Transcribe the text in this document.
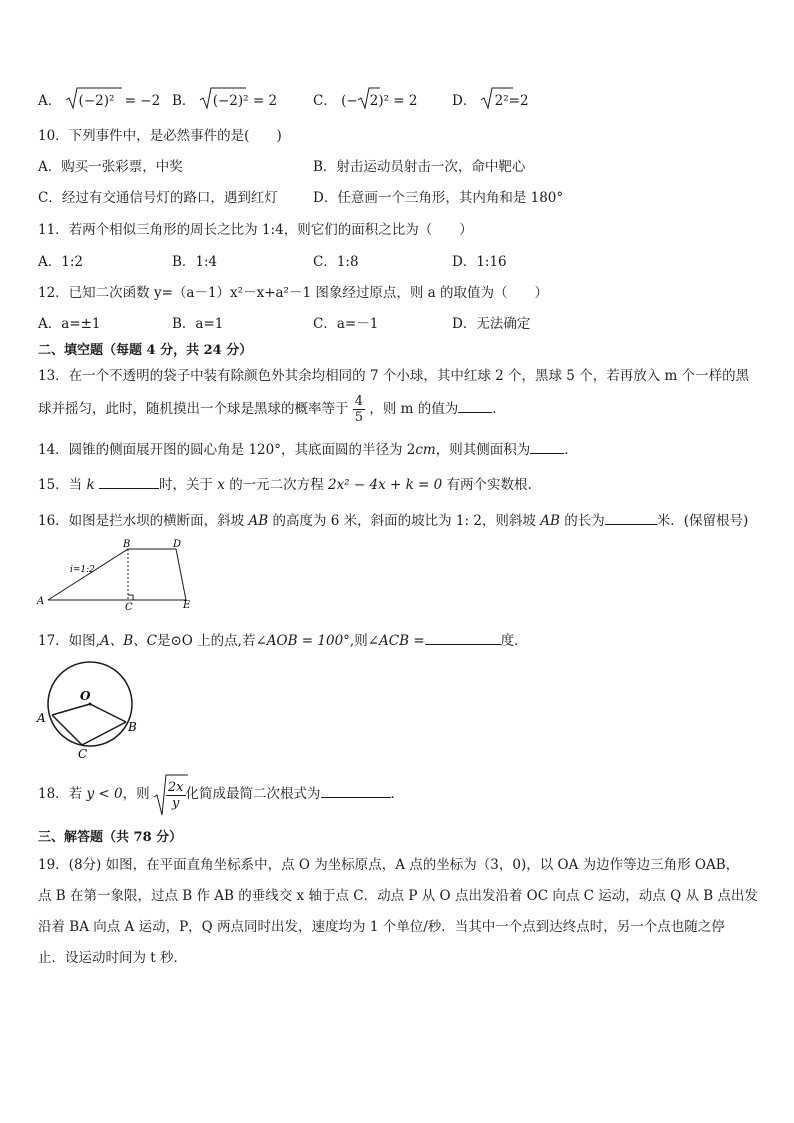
A． (−2)² = −2 B． (−2)² = 2	C． (− 2)² = 2	D． 2²=2
10．下列事件中，是必然事件的是(　　)
A．购买一张彩票，中奖	B．射击运动员射击一次，命中靶心
C．经过有交通信号灯的路口，遇到红灯	D．任意画一个三角形，其内角和是 180°
11．若两个相似三角形的周长之比为 1:4，则它们的面积之比为（　　）
A．1:2	B．1:4	C．1:8	D．1:16
12．已知二次函数 y=（a－1）x²－x+a²－1 图象经过原点，则 a 的取值为（　　）
A．a=±1	B．a=1	C．a=－1	D．无法确定
二、填空题（每题 4 分，共 24 分）
13．在一个不透明的袋子中装有除颜色外其余均相同的 7 个小球，其中红球 2 个，黑球 5 个，若再放入 m 个一样的黑
球并摇匀，此时，随机摸出一个球是黑球的概率等于 $\frac{4}{5}$ ，则 m 的值为	．
14．圆锥的侧面展开图的圆心角是 120°，其底面圆的半径为 2cm，则其侧面积为	．
15．当 k	时，关于 x 的一元二次方程 2x² − 4x + k = 0 有两个实数根.
16．如图是拦水坝的横断面，斜坡 AB 的高度为 6 米，斜面的坡比为 1: 2，则斜坡 AB 的长为	米．(保留根号)
A
B
C
D
E
i=1:2
17．如图,A、B、C是⊙O 上的点,若∠AOB = 100°,则∠ACB =	度．
O
A
B
C
18．若 y < 0，则 $\frac{2x}{y}$ 化简成最简二次根式为	．
三、解答题（共 78 分）
19．(8分) 如图，在平面直角坐标系中，点 O 为坐标原点，A 点的坐标为（3，0)，以 OA 为边作等边三角形 OAB，
点 B 在第一象限，过点 B 作 AB 的垂线交 x 轴于点 C．动点 P 从 O 点出发沿着 OC 向点 C 运动，动点 Q 从 B 点出发
沿着 BA 向点 A 运动，P，Q 两点同时出发，速度均为 1 个单位/秒．当其中一个点到达终点时，另一个点也随之停
止．设运动时间为 t 秒．
